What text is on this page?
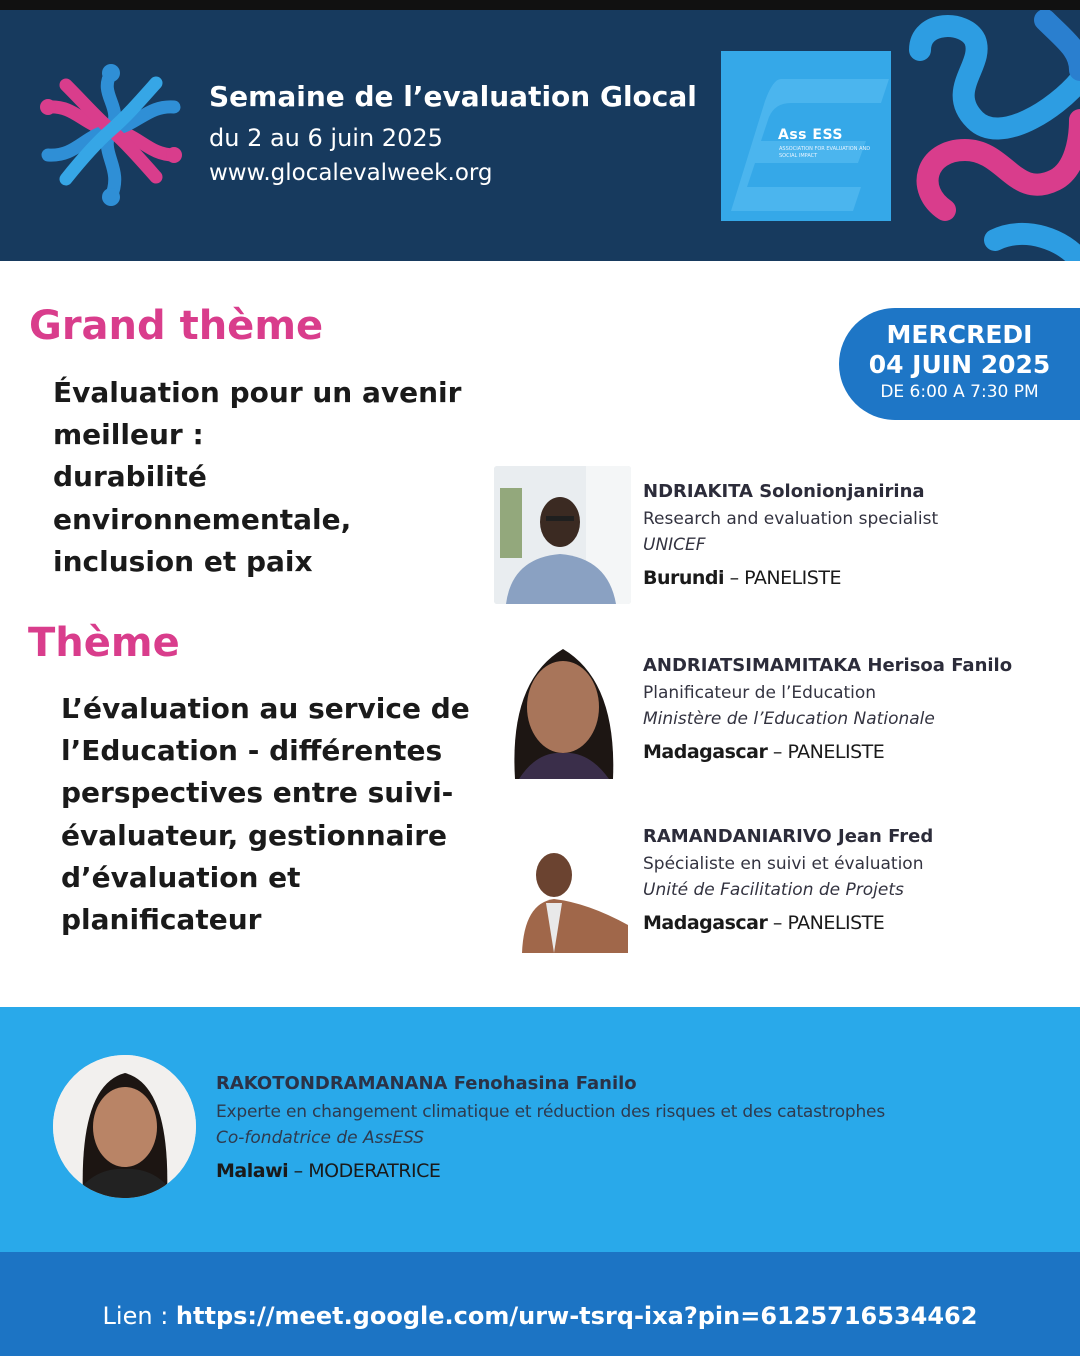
Semaine de l’evaluation Glocal
du 2 au 6 juin 2025
www.glocalevalweek.org
Ass ESS
ASSOCIATION FOR EVALUATION AND SOCIAL IMPACT
Grand thème
Évaluation pour un avenir
meilleur :
durabilité
environnementale,
inclusion et paix
Thème
L’évaluation au service de
l’Education - différentes
perspectives entre suivi-
évaluateur, gestionnaire
d’évaluation et
planificateur
MERCREDI
04 JUIN 2025
DE 6:00 A 7:30 PM
NDRIAKITA Solonionjanirina
Research and evaluation specialist
UNICEF
Burundi – PANELISTE
ANDRIATSIMAMITAKA Herisoa Fanilo
Planificateur de l’Education
Ministère de l’Education Nationale
Madagascar – PANELISTE
RAMANDANIARIVO Jean Fred
Spécialiste en suivi et évaluation
Unité de Facilitation de Projets
Madagascar – PANELISTE
RAKOTONDRAMANANA Fenohasina Fanilo
Experte en changement climatique et réduction des risques et des catastrophes
Co-fondatrice de AssESS
Malawi – MODERATRICE
Lien : https://meet.google.com/urw-tsrq-ixa?pin=6125716534462
